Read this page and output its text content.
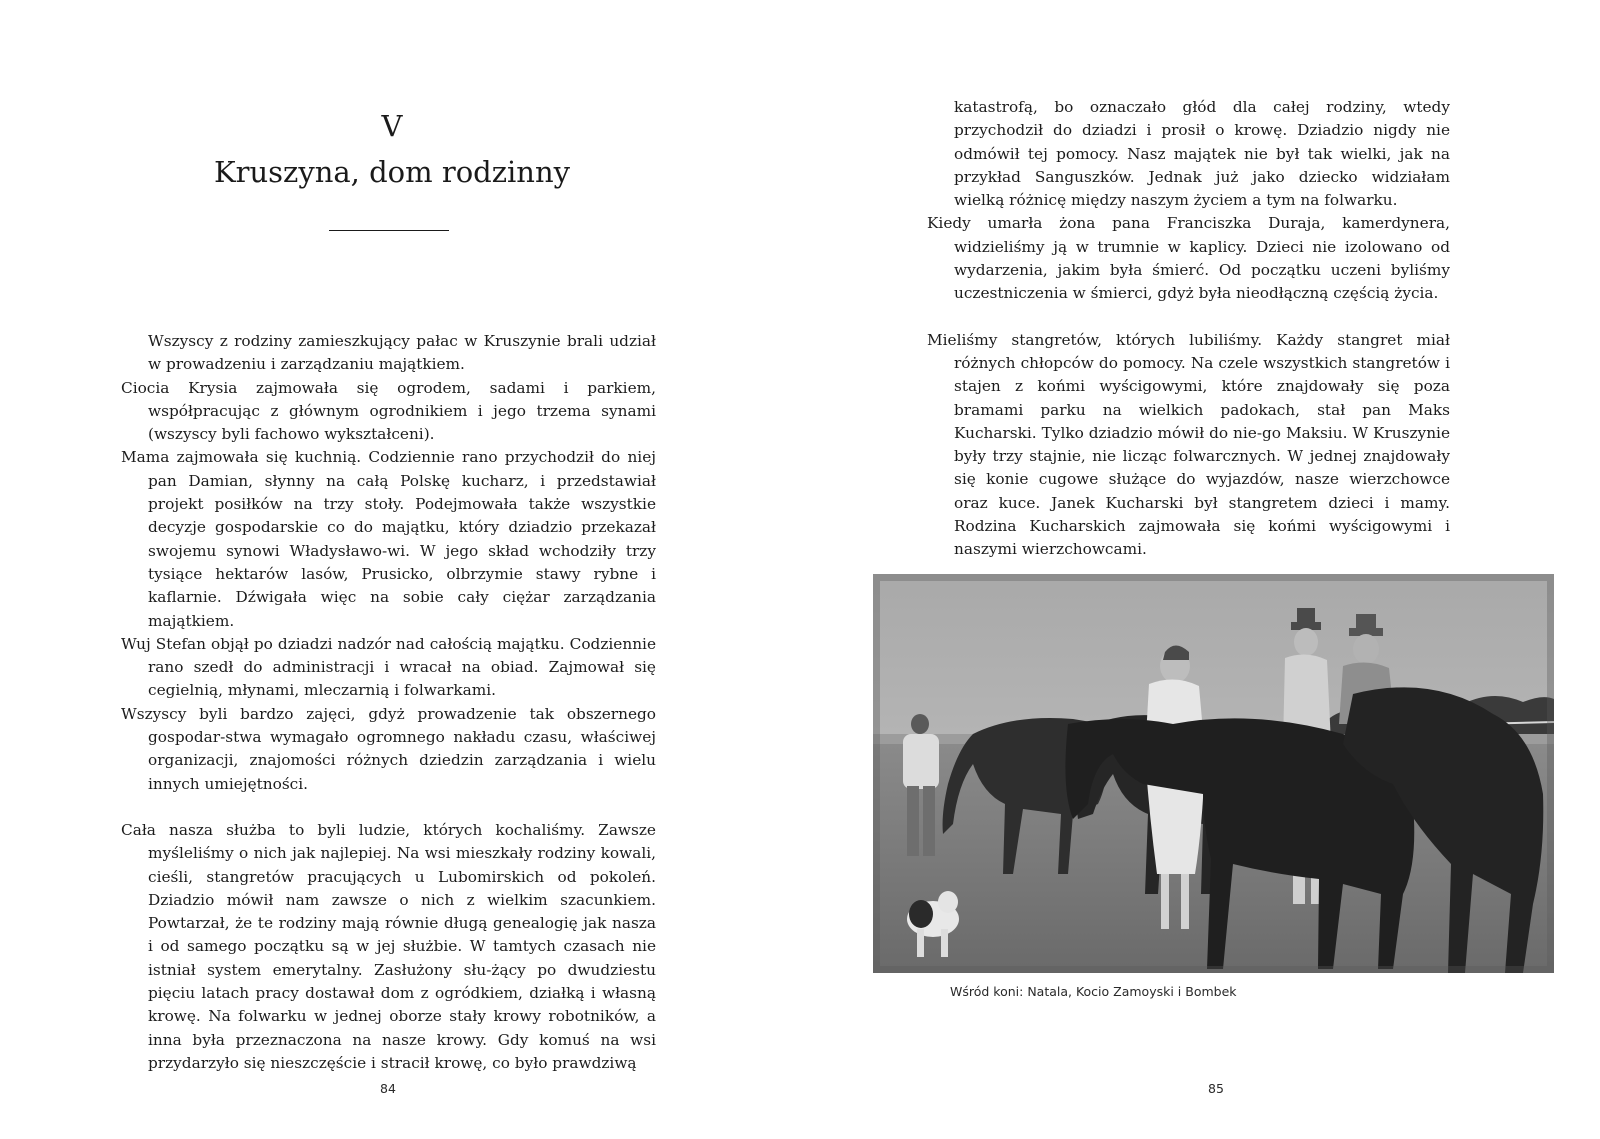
V
Kruszyna, dom rodzinny

Wszyscy z rodziny zamieszkujący pałac w Kruszynie brali udział w prowadzeniu i zarządzaniu majątkiem.

Ciocia Krysia zajmowała się ogrodem, sadami i parkiem, współpracując z głównym ogrodnikiem i jego trzema synami (wszyscy byli fachowo wykształceni).

Mama zajmowała się kuchnią. Codziennie rano przychodził do niej pan Damian, słynny na całą Polskę kucharz, i przedstawiał projekt posiłków na trzy stoły. Podejmowała także wszystkie decyzje gospodarskie co do majątku, który dziadzio przekazał swojemu synowi Władysławo-wi. W jego skład wchodziły trzy tysiące hektarów lasów, Prusicko, olbrzymie stawy rybne i kaflarnie. Dźwigała więc na sobie cały ciężar zarządzania majątkiem.

Wuj Stefan objął po dziadzi nadzór nad całością majątku. Codziennie rano szedł do administracji i wracał na obiad. Zajmował się cegielnią, młynami, mleczarnią i folwarkami.

Wszyscy byli bardzo zajęci, gdyż prowadzenie tak obszernego gospodar-stwa wymagało ogromnego nakładu czasu, właściwej organizacji, znajomości różnych dziedzin zarządzania i wielu innych umiejętności.

Cała nasza służba to byli ludzie, których kochaliśmy. Zawsze myśleliśmy o nich jak najlepiej. Na wsi mieszkały rodziny kowali, cieśli, stangretów pracujących u Lubomirskich od pokoleń. Dziadzio mówił nam zawsze o nich z wielkim szacunkiem. Powtarzał, że te rodziny mają równie długą genealogię jak nasza i od samego początku są w jej służbie. W tamtych czasach nie istniał system emerytalny. Zasłużony słu-żący po dwudziestu pięciu latach pracy dostawał dom z ogródkiem, działką i własną krowę. Na folwarku w jednej oborze stały krowy robotników, a inna była przeznaczona na nasze krowy. Gdy komuś na wsi przydarzyło się nieszczęście i stracił krowę, co było prawdziwą

84

katastrofą, bo oznaczało głód dla całej rodziny, wtedy przychodził do dziadzi i prosił o krowę. Dziadzio nigdy nie odmówił tej pomocy. Nasz majątek nie był tak wielki, jak na przykład Sanguszków. Jednak już jako dziecko widziałam wielką różnicę między naszym życiem a tym na folwarku.

Kiedy umarła żona pana Franciszka Duraja, kamerdynera, widzieliśmy ją w trumnie w kaplicy. Dzieci nie izolowano od wydarzenia, jakim była śmierć. Od początku uczeni byliśmy uczestniczenia w śmierci, gdyż była nieodłączną częścią życia.

Mieliśmy stangretów, których lubiliśmy. Każdy stangret miał różnych chłopców do pomocy. Na czele wszystkich stangretów i stajen z końmi wyścigowymi, które znajdowały się poza bramami parku na wielkich padokach, stał pan Maks Kucharski. Tylko dziadzio mówił do nie-go Maksiu. W Kruszynie były trzy stajnie, nie licząc folwarcznych. W jednej znajdowały się konie cugowe służące do wyjazdów, nasze wierzchowce oraz kuce. Janek Kucharski był stangretem dzieci i mamy. Rodzina Kucharskich zajmowała się końmi wyścigowymi i naszymi wierzchowcami.

Wśród koni: Natala, Kocio Zamoyski i Bombek
85
